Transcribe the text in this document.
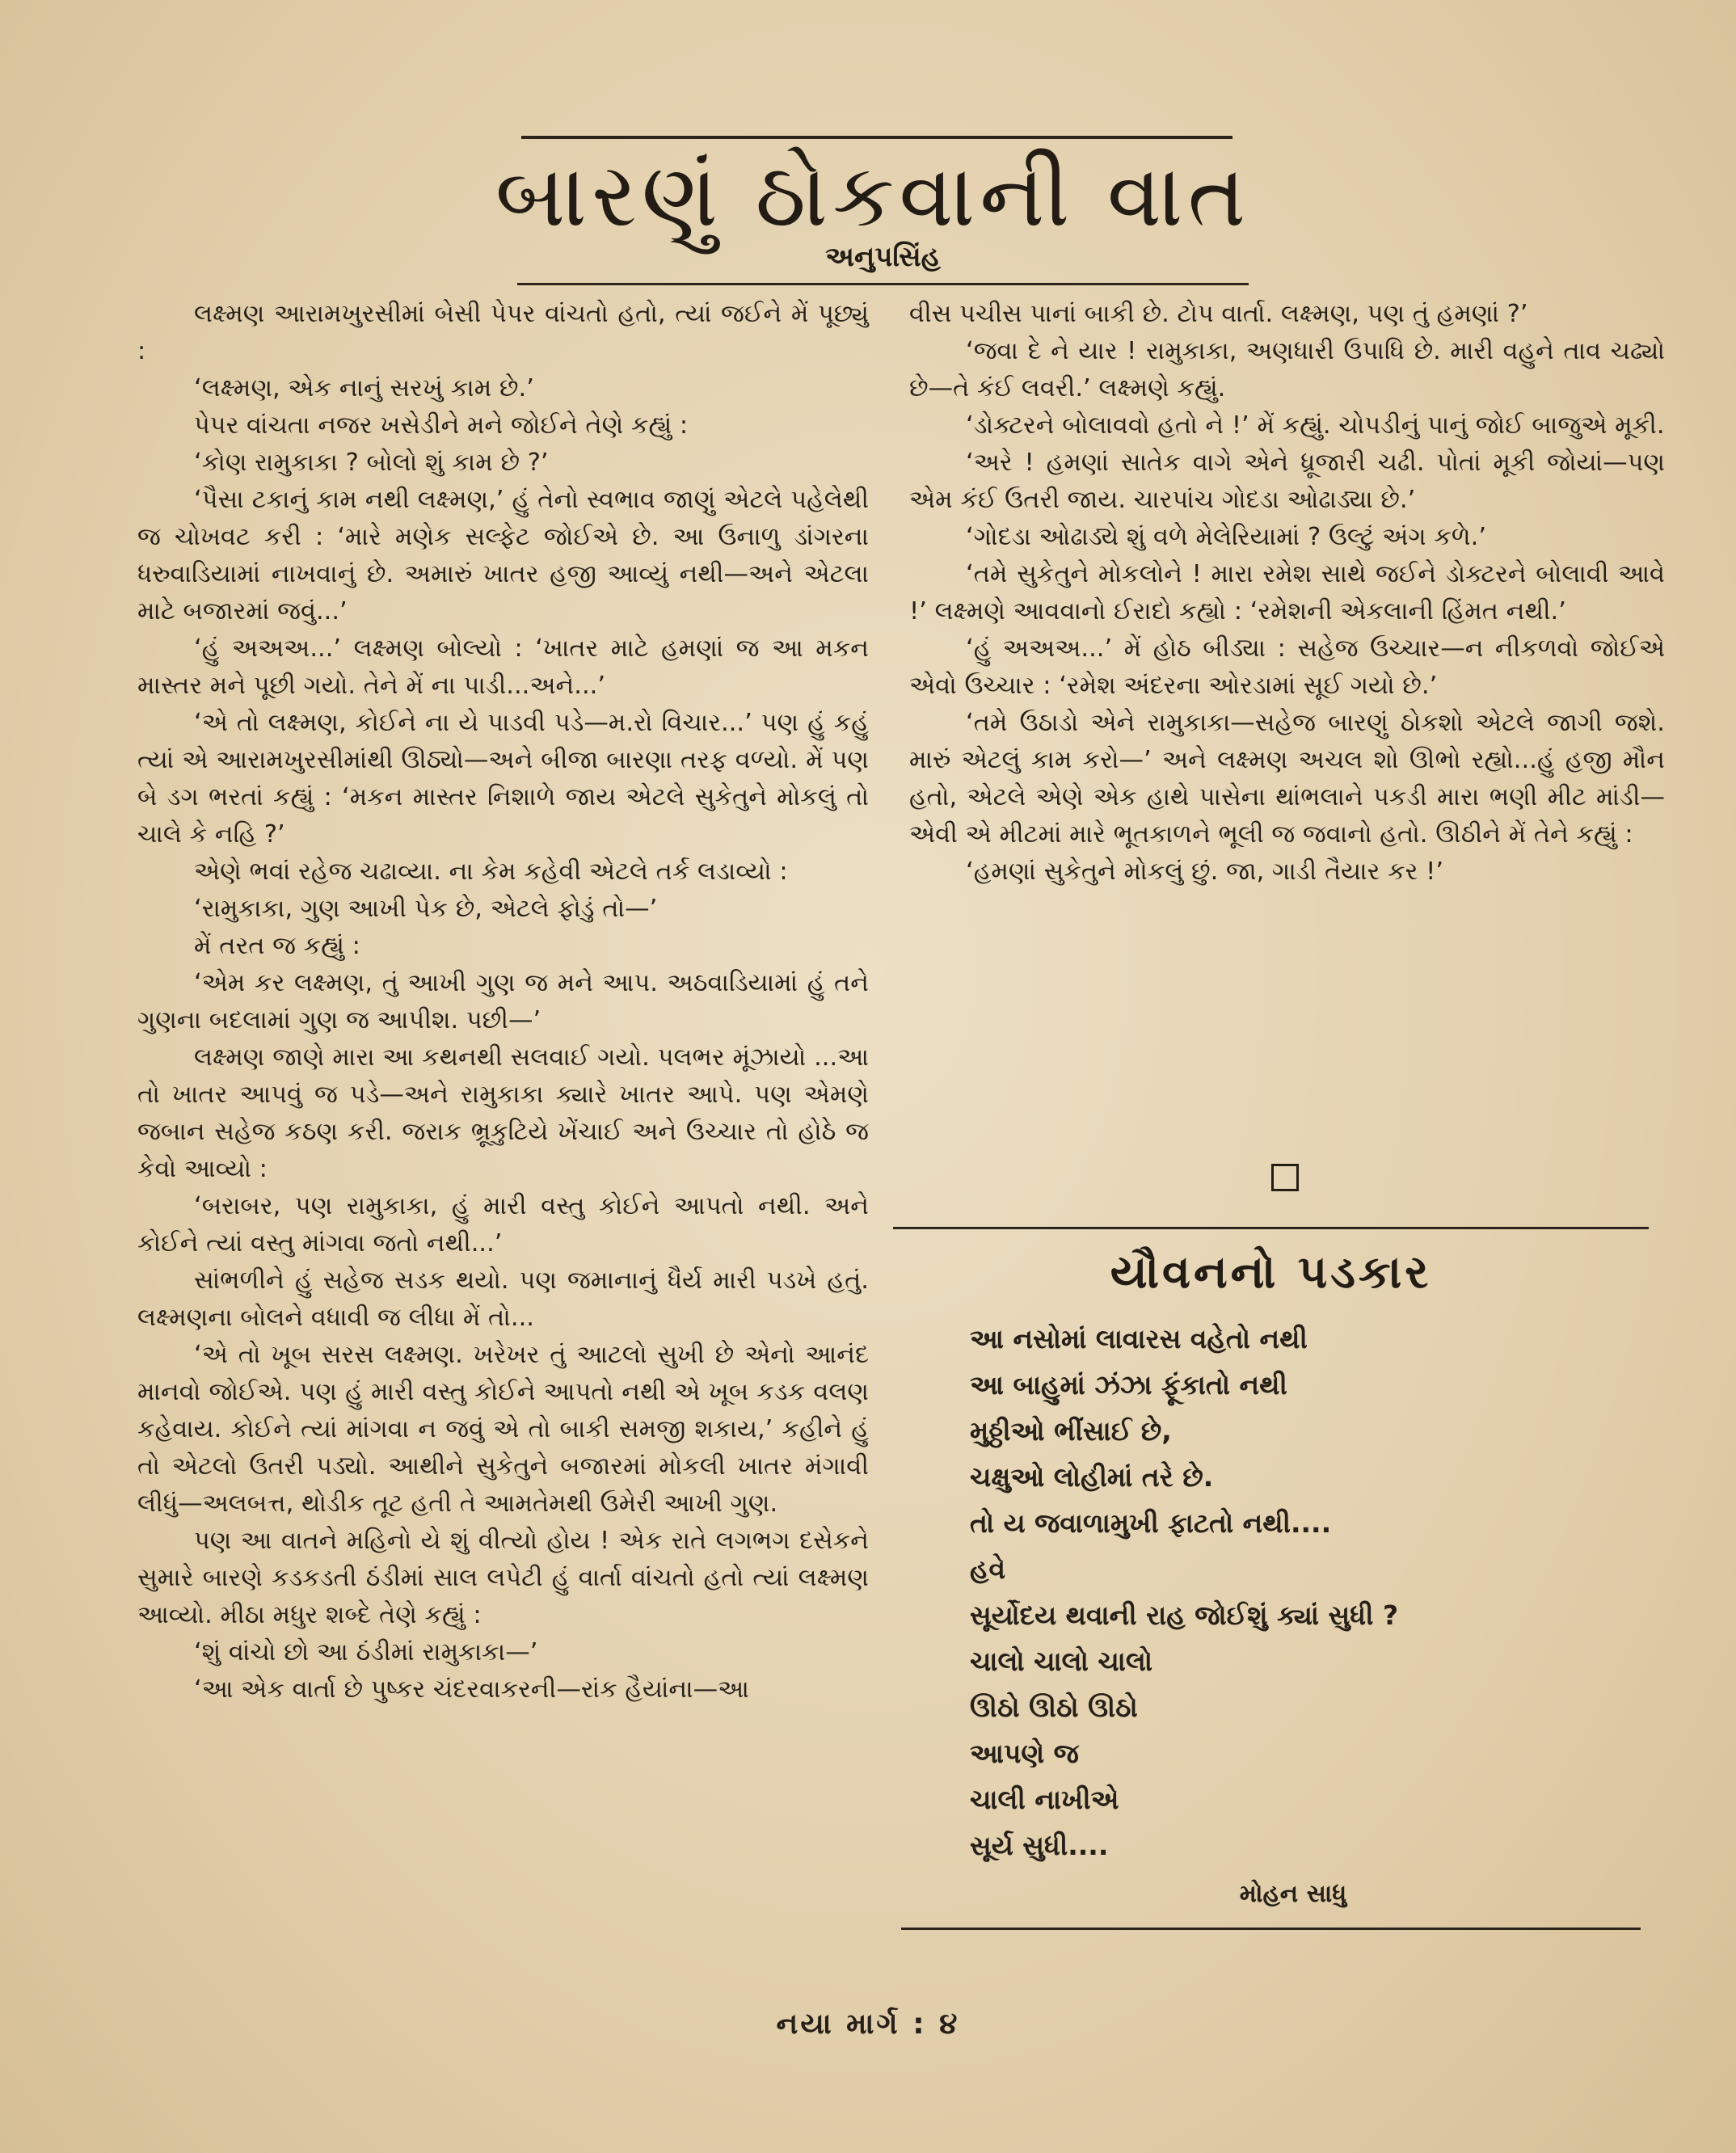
બારણું ઠોકવાની વાત
અનુપસિંહ

લક્ષ્મણ આરામખુરસીમાં બેસી પેપર વાંચતો હતો, ત્યાં જઈને મેં પૂછ્યું :

‘લક્ષ્મણ, એક નાનું સરખું કામ છે.’

પેપર વાંચતા નજર ખસેડીને મને જોઈને તેણે કહ્યું :

‘કોણ રામુકાકા ? બોલો શું કામ છે ?’

‘પૈસા ટકાનું કામ નથી લક્ષ્મણ,’ હું તેનો સ્વભાવ જાણું એટલે પહેલેથી જ ચોખવટ કરી : ‘મારે મણેક સલ્ફેટ જોઈએ છે. આ ઉનાળુ ડાંગરના ધરુવાડિયામાં નાખવાનું છે. અમારું ખાતર હજી આવ્યું નથી—અને એટલા માટે બજારમાં જવું...’

‘હું અઅઅ...’ લક્ષ્મણ બોલ્યો : ‘ખાતર માટે હમણાં જ આ મકન માસ્તર મને પૂછી ગયો. તેને મેં ના પાડી...અને...’

‘એ તો લક્ષ્મણ, કોઈને ના યે પાડવી પડે—મ.રો વિચાર...’ પણ હું કહું ત્યાં એ આરામખુરસીમાંથી ઊઠ્યો—અને બીજા બારણા તરફ વળ્યો. મેં પણ બે ડગ ભરતાં કહ્યું : ‘મકન માસ્તર નિશાળે જાય એટલે સુકેતુને મોકલું તો ચાલે કે નહિ ?’

એણે ભવાં રહેજ ચઢાવ્યા. ના કેમ કહેવી એટલે તર્ક લડાવ્યો :

‘રામુકાકા, ગુણ આખી પેક છે, એટલે ફોડું તો—’

મેં તરત જ કહ્યું :

‘એમ કર લક્ષ્મણ, તું આખી ગુણ જ મને આપ. અઠવાડિયામાં હું તને ગુણના બદલામાં ગુણ જ આપીશ. પછી—’

લક્ષ્મણ જાણે મારા આ કથનથી સલવાઈ ગયો. પલભર મૂંઝાયો ...આ તો ખાતર આપવું જ પડે—અને રામુકાકા ક્યારે ખાતર આપે. પણ એમણે જબાન સહેજ કઠણ કરી. જરાક ભ્રૂકુટિયે ખેંચાઈ અને ઉચ્ચાર તો હોઠે જ કેવો આવ્યો :

‘બરાબર, પણ રામુકાકા, હું મારી વસ્તુ કોઈને આપતો નથી. અને કોઈને ત્યાં વસ્તુ માંગવા જતો નથી...’

સાંભળીને હું સહેજ સડક થયો. પણ જમાનાનું ધૈર્ય મારી પડખે હતું. લક્ષ્મણના બોલને વધાવી જ લીધા મેં તો...

‘એ તો ખૂબ સરસ લક્ષ્મણ. ખરેખર તું આટલો સુખી છે એનો આનંદ માનવો જોઈએ. પણ હું મારી વસ્તુ કોઈને આપતો નથી એ ખૂબ કડક વલણ કહેવાય. કોઈને ત્યાં માંગવા ન જવું એ તો બાકી સમજી શકાય,’ કહીને હું તો એટલો ઉતરી પડ્યો. આથીને સુકેતુને બજારમાં મોકલી ખાતર મંગાવી લીધું—અલબત્ત, થોડીક તૂટ હતી તે આમતેમથી ઉમેરી આખી ગુણ.

પણ આ વાતને મહિનો યે શું વીત્યો હોય ! એક રાતે લગભગ દસેકને સુમારે બારણે કડકડતી ઠંડીમાં સાલ લપેટી હું વાર્તા વાંચતો હતો ત્યાં લક્ષ્મણ આવ્યો. મીઠા મધુર શબ્દે તેણે કહ્યું :

‘શું વાંચો છો આ ઠંડીમાં રામુકાકા—’

‘આ એક વાર્તા છે પુષ્કર ચંદરવાકરની—રાંક હૈયાંના—આ

વીસ પચીસ પાનાં બાકી છે. ટોપ વાર્તા. લક્ષ્મણ, પણ તું હમણાં ?’

‘જવા દે ને યાર ! રામુકાકા, અણધારી ઉપાધિ છે. મારી વહુને તાવ ચઢ્યો છે—તે કંઈ લવરી.’ લક્ષ્મણે કહ્યું.

‘ડોક્ટરને બોલાવવો હતો ને !’ મેં કહ્યું. ચોપડીનું પાનું જોઈ બાજુએ મૂકી.

‘અરે ! હમણાં સાતેક વાગે એને ધ્રૂજારી ચઢી. પોતાં મૂકી જોયાં—પણ એમ કંઈ ઉતરી જાય. ચારપાંચ ગોદડા ઓઢાડ્યા છે.’

‘ગોદડા ઓઢાડ્યે શું વળે મેલેરિયામાં ? ઉલ્ટું અંગ કળે.’

‘તમે સુકેતુને મોકલોને ! મારા રમેશ સાથે જઈને ડોક્ટરને બોલાવી આવે !’ લક્ષ્મણે આવવાનો ઈરાદો કહ્યો : ‘રમેશની એકલાની હિંમત નથી.’

‘હું અઅઅ...’ મેં હોઠ બીડ્યા : સહેજ ઉચ્ચાર—ન નીકળવો જોઈએ એવો ઉચ્ચાર : ‘રમેશ અંદરના ઓરડામાં સૂઈ ગયો છે.’

‘તમે ઉઠાડો એને રામુકાકા—સહેજ બારણું ઠોકશો એટલે જાગી જશે. મારું એટલું કામ કરો—’ અને લક્ષ્મણ અચલ શો ઊભો રહ્યો...હું હજી મૌન હતો, એટલે એણે એક હાથે પાસેના થાંભલાને પકડી મારા ભણી મીટ માંડી—એવી એ મીટમાં મારે ભૂતકાળને ભૂલી જ જવાનો હતો. ઊઠીને મેં તેને કહ્યું :

‘હમણાં સુકેતુને મોકલું છું. જા, ગાડી તૈયાર કર !’

યૌવનનો પડકાર
આ નસોમાં લાવારસ વહેતો નથી
આ બાહુમાં ઝંઝા ફૂંકાતો નથી
મુઠ્ઠીઓ ભીંસાઈ છે,
ચક્ષુઓ લોહીમાં તરે છે.
તો ય જવાળામુખી ફાટતો નથી....
હવે
સૂર્યોદય થવાની રાહ જોઈશું ક્યાં સુધી ?
ચાલો ચાલો ચાલો
ઊઠો ઊઠો ઊઠો
આપણે જ
ચાલી નાખીએ
સૂર્ય સુધી....
મોહન સાધુ
નયા માર્ગ : ૪
